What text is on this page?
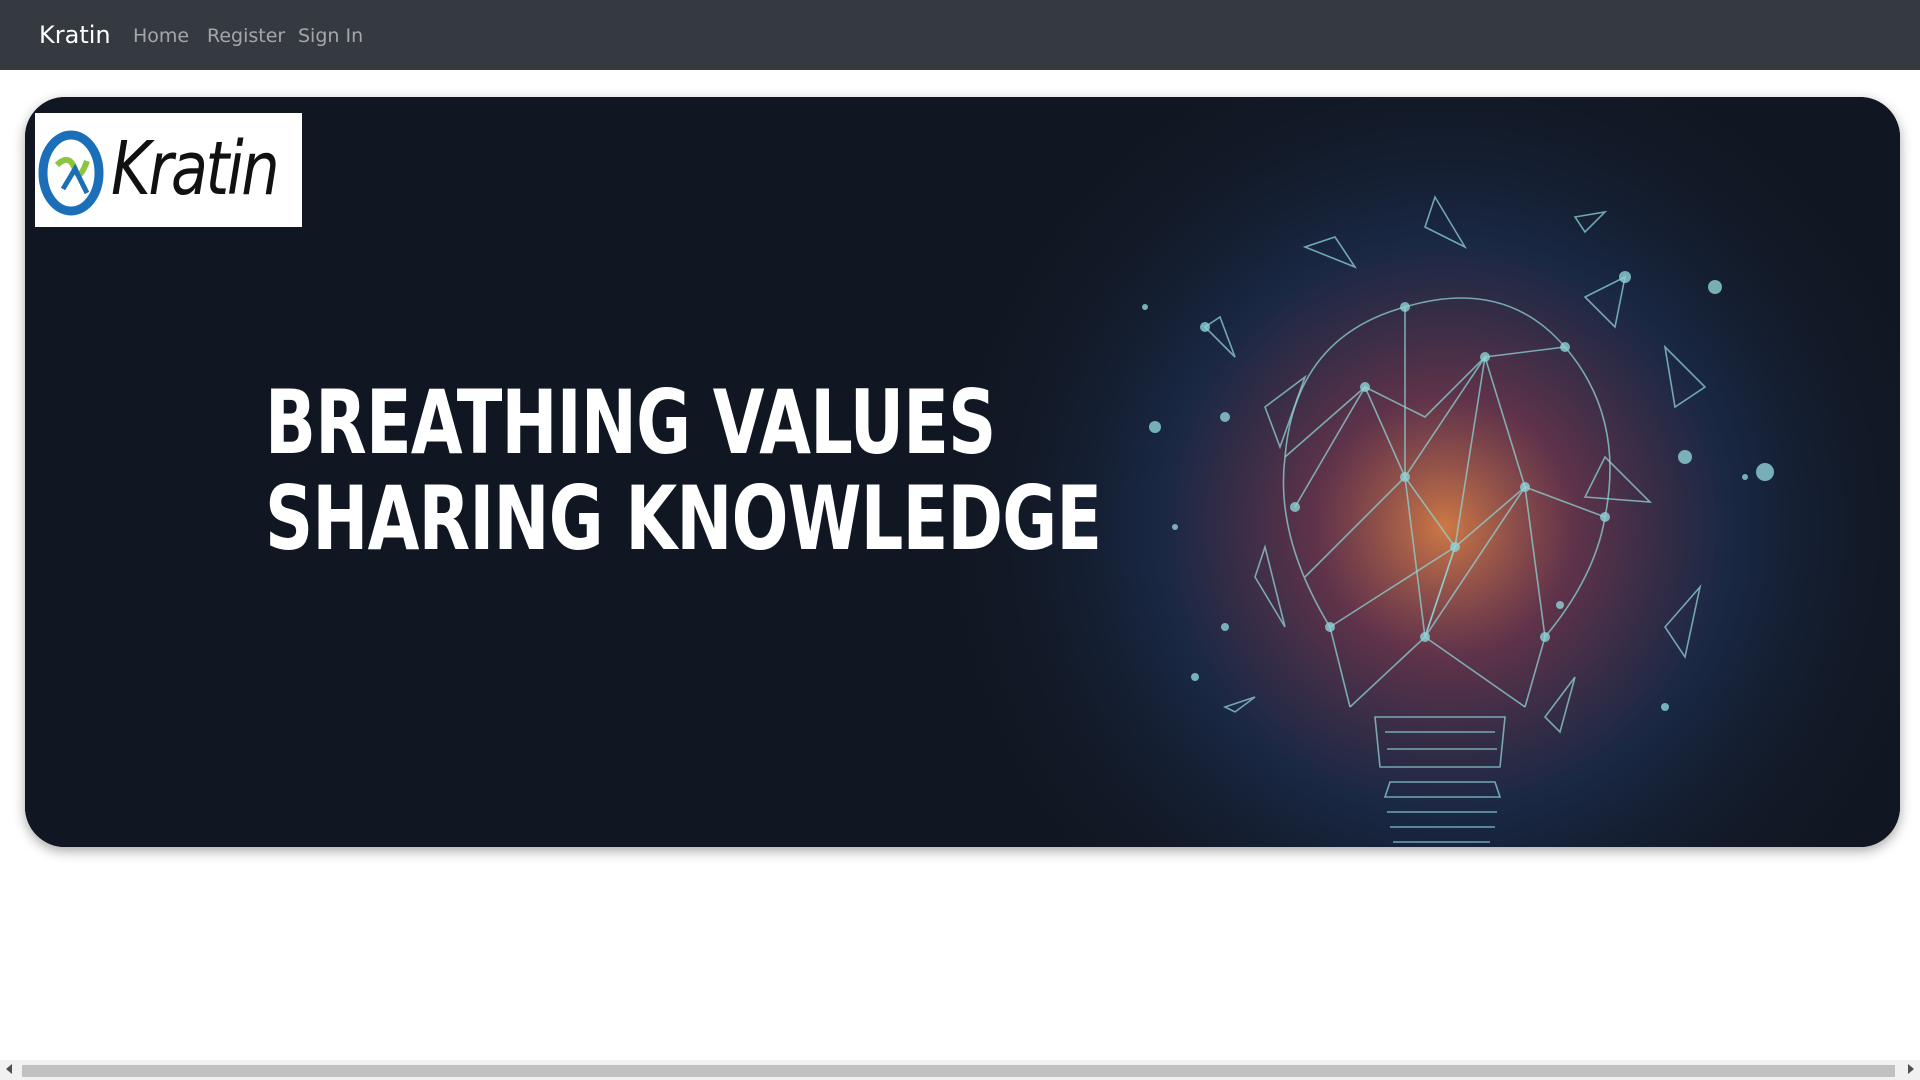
Kratin Home Register Sign In
Kratin
BREATHING VALUES
SHARING KNOWLEDGE
